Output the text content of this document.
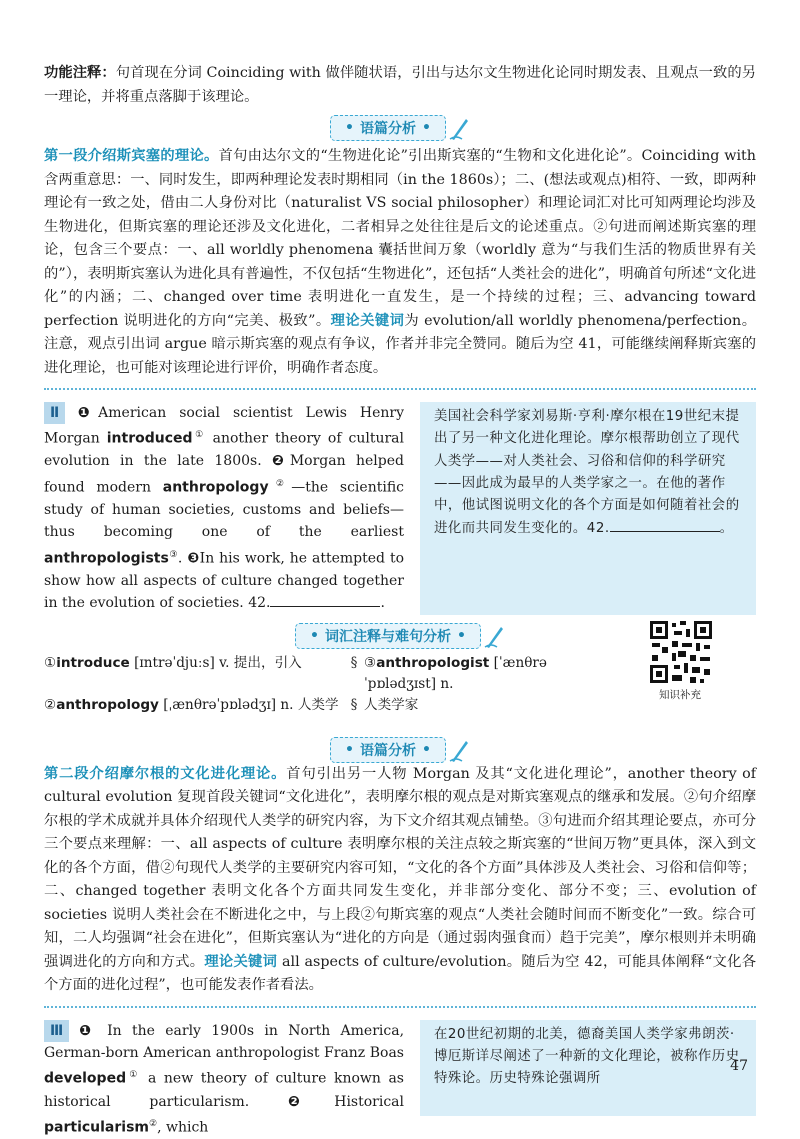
功能注释：句首现在分词 Coinciding with 做伴随状语，引出与达尔文生物进化论同时期发表、且观点一致的另一理论，并将重点落脚于该理论。

• 语篇分析 •

第一段介绍斯宾塞的理论。首句由达尔文的“生物进化论”引出斯宾塞的“生物和文化进化论”。Coinciding with 含两重意思：一、同时发生，即两种理论发表时期相同（in the 1860s）；二、(想法或观点)相符、一致，即两种理论有一致之处，借由二人身份对比（naturalist VS social philosopher）和理论词汇对比可知两理论均涉及生物进化，但斯宾塞的理论还涉及文化进化，二者相异之处往往是后文的论述重点。②句进而阐述斯宾塞的理论，包含三个要点：一、all worldly phenomena 囊括世间万象（worldly 意为“与我们生活的物质世界有关的”），表明斯宾塞认为进化具有普遍性，不仅包括“生物进化”，还包括“人类社会的进化”，明确首句所述“文化进化”的内涵；二、changed over time 表明进化一直发生，是一个持续的过程；三、advancing toward perfection 说明进化的方向“完美、极致”。理论关键词为 evolution/all worldly phenomena/perfection。注意，观点引出词 argue 暗示斯宾塞的观点有争议，作者并非完全赞同。随后为空 41，可能继续阐释斯宾塞的进化理论，也可能对该理论进行评价，明确作者态度。

Ⅱ ❶American social scientist Lewis Henry Morgan introduced① another theory of cultural evolution in the late 1800s. ❷Morgan helped found modern anthropology②—the scientific study of human societies, customs and beliefs—thus becoming one of the earliest anthropologists③. ❸In his work, he attempted to show how all aspects of culture changed together in the evolution of societies. 42.	.
美国社会科学家刘易斯·亨利·摩尔根在19世纪末提出了另一种文化进化理论。摩尔根帮助创立了现代人类学——对人类社会、习俗和信仰的科学研究——因此成为最早的人类学家之一。在他的著作中，他试图说明文化的各个方面是如何随着社会的进化而共同发生变化的。42.	。
• 词汇注释与难句分析 •
①introduce [ɪntrəˈdjuːs] v. 提出，引入	§ ③anthropologist [ˈænθrəˈpɒlədʒɪst] n.
②anthropology [ˌænθrəˈpɒlədʒɪ] n. 人类学 § 人类学家
知识补充
• 语篇分析 •

第二段介绍摩尔根的文化进化理论。首句引出另一人物 Morgan 及其“文化进化理论”，another theory of cultural evolution 复现首段关键词“文化进化”，表明摩尔根的观点是对斯宾塞观点的继承和发展。②句介绍摩尔根的学术成就并具体介绍现代人类学的研究内容，为下文介绍其观点铺垫。③句进而介绍其理论要点，亦可分三个要点来理解：一、all aspects of culture 表明摩尔根的关注点较之斯宾塞的“世间万物”更具体，深入到文化的各个方面，借②句现代人类学的主要研究内容可知，“文化的各个方面”具体涉及人类社会、习俗和信仰等；二、changed together 表明文化各个方面共同发生变化，并非部分变化、部分不变；三、evolution of societies 说明人类社会在不断进化之中，与上段②句斯宾塞的观点“人类社会随时间而不断变化”一致。综合可知，二人均强调“社会在进化”，但斯宾塞认为“进化的方向是（通过弱肉强食而）趋于完美”，摩尔根则并未明确强调进化的方向和方式。理论关键词 all aspects of culture/evolution。随后为空 42，可能具体阐释“文化各个方面的进化过程”，也可能发表作者看法。

Ⅲ ❶ In the early 1900s in North America, German-born American anthropologist Franz Boas developed① a new theory of culture known as historical particularism. ❷Historical particularism②, which
在20世纪初期的北美，德裔美国人类学家弗朗茨·博厄斯详尽阐述了一种新的文化理论，被称作历史特殊论。历史特殊论强调所
47
